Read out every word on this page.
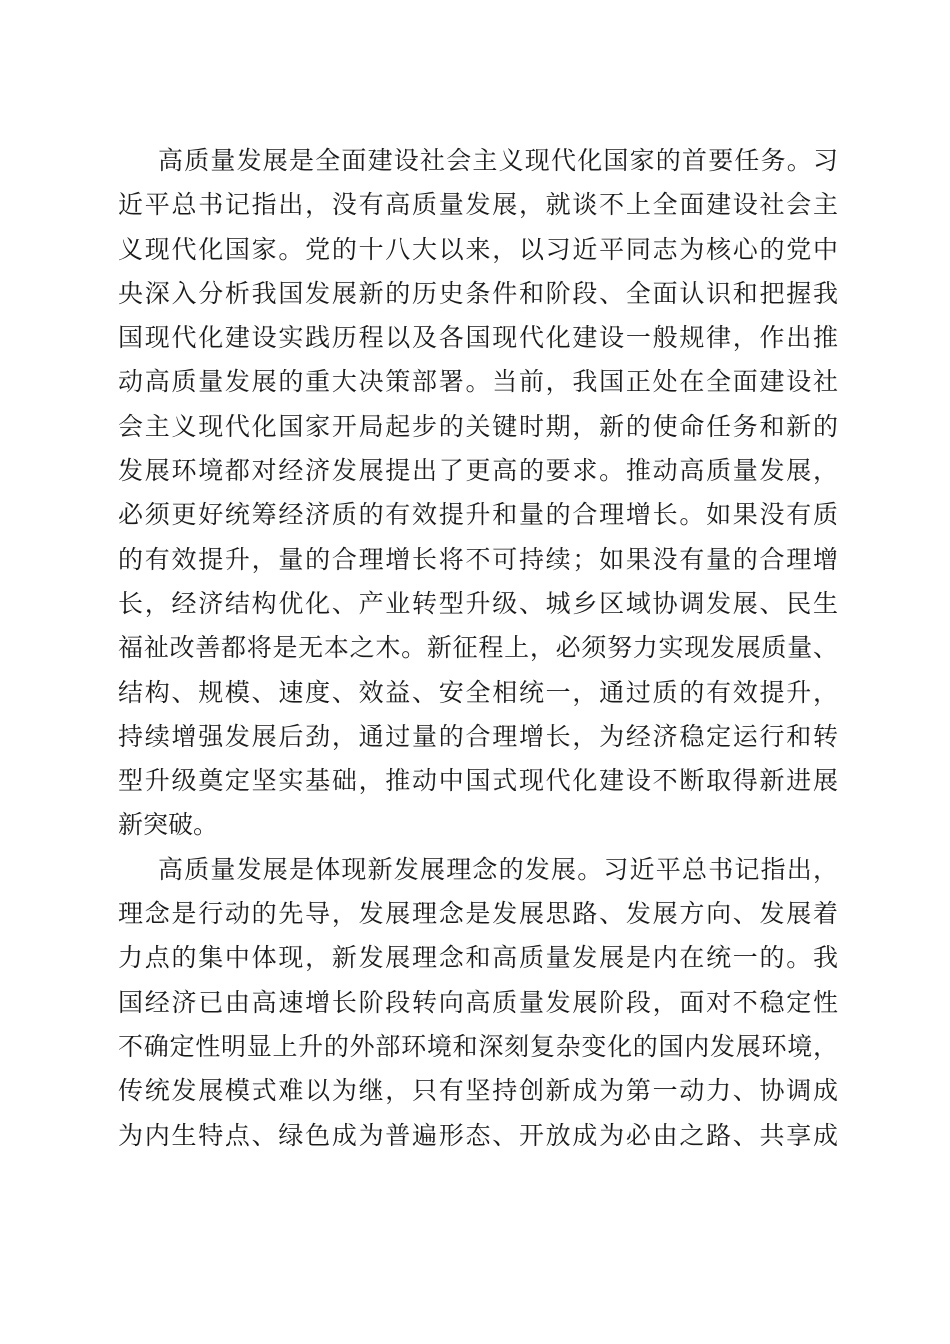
高质量发展是全面建设社会主义现代化国家的首要任务。习
近平总书记指出，没有高质量发展，就谈不上全面建设社会主
义现代化国家。党的十八大以来，以习近平同志为核心的党中
央深入分析我国发展新的历史条件和阶段、全面认识和把握我
国现代化建设实践历程以及各国现代化建设一般规律，作出推
动高质量发展的重大决策部署。当前，我国正处在全面建设社
会主义现代化国家开局起步的关键时期，新的使命任务和新的
发展环境都对经济发展提出了更高的要求。推动高质量发展，
必须更好统筹经济质的有效提升和量的合理增长。如果没有质
的有效提升，量的合理增长将不可持续；如果没有量的合理增
长，经济结构优化、产业转型升级、城乡区域协调发展、民生
福祉改善都将是无本之木。新征程上，必须努力实现发展质量、
结构、规模、速度、效益、安全相统一，通过质的有效提升，
持续增强发展后劲，通过量的合理增长，为经济稳定运行和转
型升级奠定坚实基础，推动中国式现代化建设不断取得新进展
新突破。
高质量发展是体现新发展理念的发展。习近平总书记指出，
理念是行动的先导，发展理念是发展思路、发展方向、发展着
力点的集中体现，新发展理念和高质量发展是内在统一的。我
国经济已由高速增长阶段转向高质量发展阶段，面对不稳定性
不确定性明显上升的外部环境和深刻复杂变化的国内发展环境，
传统发展模式难以为继，只有坚持创新成为第一动力、协调成
为内生特点、绿色成为普遍形态、开放成为必由之路、共享成
